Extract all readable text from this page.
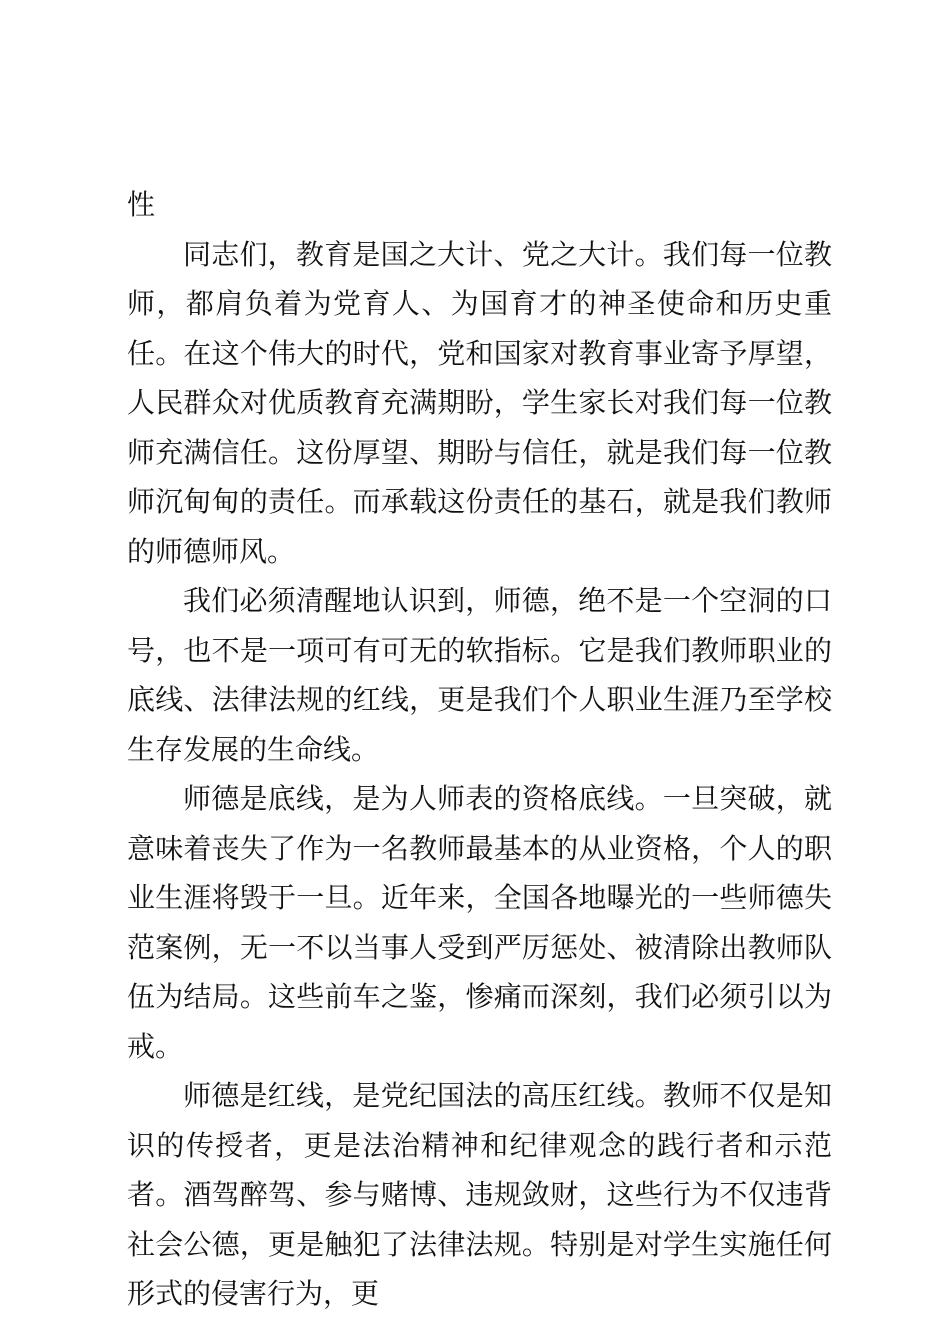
性

同志们，教育是国之大计、党之大计。我们每一位教师，都肩负着为党育人、为国育才的神圣使命和历史重任。在这个伟大的时代，党和国家对教育事业寄予厚望，人民群众对优质教育充满期盼，学生家长对我们每一位教师充满信任。这份厚望、期盼与信任，就是我们每一位教师沉甸甸的责任。而承载这份责任的基石，就是我们教师的师德师风。

我们必须清醒地认识到，师德，绝不是一个空洞的口号，也不是一项可有可无的软指标。它是我们教师职业的底线、法律法规的红线，更是我们个人职业生涯乃至学校生存发展的生命线。

师德是底线，是为人师表的资格底线。一旦突破，就意味着丧失了作为一名教师最基本的从业资格，个人的职业生涯将毁于一旦。近年来，全国各地曝光的一些师德失范案例，无一不以当事人受到严厉惩处、被清除出教师队伍为结局。这些前车之鉴，惨痛而深刻，我们必须引以为戒。

师德是红线，是党纪国法的高压红线。教师不仅是知识的传授者，更是法治精神和纪律观念的践行者和示范者。酒驾醉驾、参与赌博、违规敛财，这些行为不仅违背社会公德，更是触犯了法律法规。特别是对学生实施任何形式的侵害行为，更
